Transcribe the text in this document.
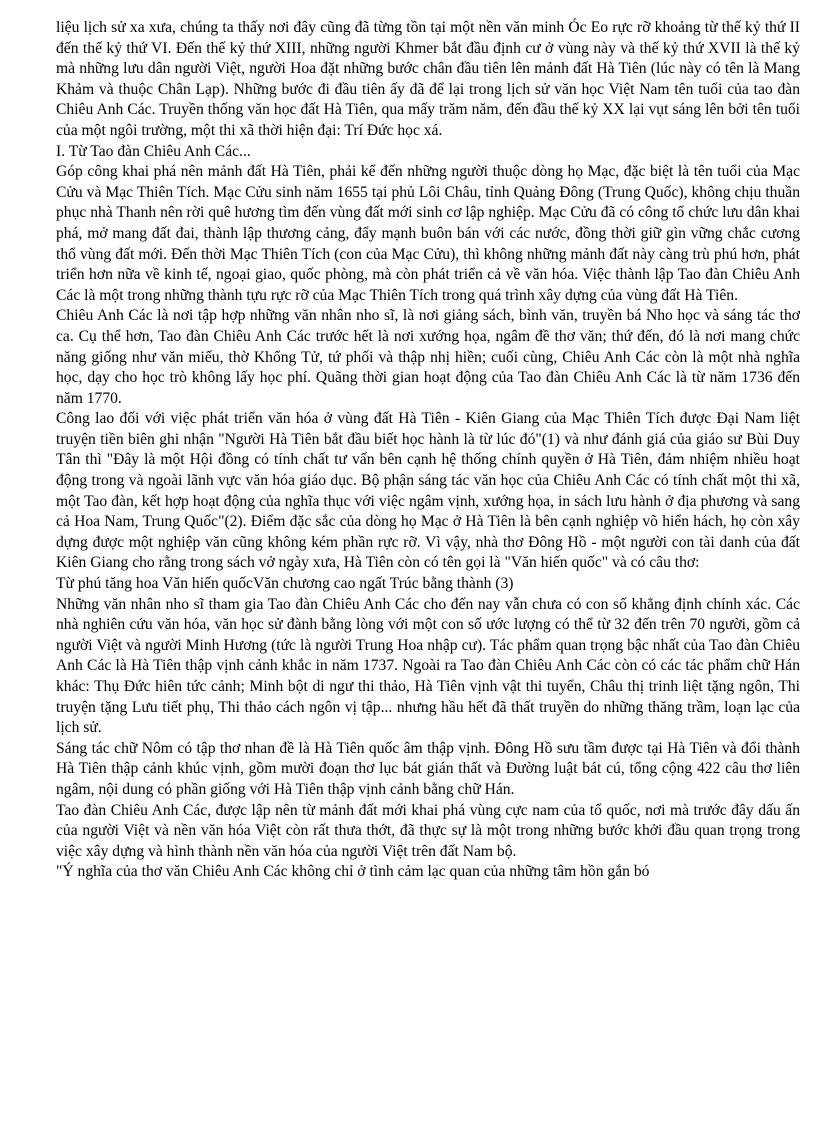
liệu lịch sử xa xưa, chúng ta thấy nơi đây cũng đã từng tồn tại một nền văn minh Óc Eo rực rỡ khoảng từ thế kỷ thứ II đến thế kỷ thứ VI. Đến thế kỷ thứ XIII, những người Khmer bắt đầu định cư ở vùng này và thế kỷ thứ XVII là thế kỷ mà những lưu dân người Việt, người Hoa đặt những bước chân đầu tiên lên mảnh đất Hà Tiên (lúc này có tên là Mang Khảm và thuộc Chân Lạp). Những bước đi đầu tiên ấy đã để lại trong lịch sử văn học Việt Nam tên tuổi của tao đàn Chiêu Anh Các. Truyền thống văn học đất Hà Tiên, qua mấy trăm năm, đến đầu thế kỷ XX lại vụt sáng lên bởi tên tuổi của một ngôi trường, một thi xã thời hiện đại: Trí Đức học xá.

I. Từ Tao đàn Chiêu Anh Các...

Góp công khai phá nên mảnh đất Hà Tiên, phải kể đến những người thuộc dòng họ Mạc, đặc biệt là tên tuổi của Mạc Cửu và Mạc Thiên Tích. Mạc Cửu sinh năm 1655 tại phủ Lôi Châu, tỉnh Quảng Đông (Trung Quốc), không chịu thuần phục nhà Thanh nên rời quê hương tìm đến vùng đất mới sinh cơ lập nghiệp. Mạc Cửu đã có công tổ chức lưu dân khai phá, mở mang đất đai, thành lập thương cảng, đẩy mạnh buôn bán với các nước, đồng thời giữ gìn vững chắc cương thổ vùng đất mới. Đến thời Mạc Thiên Tích (con của Mạc Cửu), thì không những mảnh đất này càng trù phú hơn, phát triển hơn nữa về kinh tế, ngoại giao, quốc phòng, mà còn phát triển cả về văn hóa. Việc thành lập Tao đàn Chiêu Anh Các là một trong những thành tựu rực rỡ của Mạc Thiên Tích trong quá trình xây dựng của vùng đất Hà Tiên.

Chiêu Anh Các là nơi tập hợp những văn nhân nho sĩ, là nơi giảng sách, bình văn, truyền bá Nho học và sáng tác thơ ca. Cụ thể hơn, Tao đàn Chiêu Anh Các trước hết là nơi xướng họa, ngâm đề thơ văn; thứ đến, đó là nơi mang chức năng giống như văn miếu, thờ Khổng Tử, tứ phối và thập nhị hiền; cuối cùng, Chiêu Anh Các còn là một nhà nghĩa học, dạy cho học trò không lấy học phí. Quãng thời gian hoạt động của Tao đàn Chiêu Anh Các là từ năm 1736 đến năm 1770.

Công lao đối với việc phát triển văn hóa ở vùng đất Hà Tiên - Kiên Giang của Mạc Thiên Tích được Đại Nam liệt truyện tiền biên ghi nhận "Người Hà Tiên bắt đầu biết học hành là từ lúc đó"(1) và như đánh giá của giáo sư Bùi Duy Tân thì "Đây là một Hội đồng có tính chất tư vấn bên cạnh hệ thống chính quyền ở Hà Tiên, đảm nhiệm nhiều hoạt động trong và ngoài lãnh vực văn hóa giáo dục. Bộ phận sáng tác văn học của Chiêu Anh Các có tính chất một thi xã, một Tao đàn, kết hợp hoạt động của nghĩa thục với việc ngâm vịnh, xướng họa, in sách lưu hành ở địa phương và sang cả Hoa Nam, Trung Quốc"(2). Điểm đặc sắc của dòng họ Mạc ở Hà Tiên là bên cạnh nghiệp võ hiển hách, họ còn xây dựng được một nghiệp văn cũng không kém phần rực rỡ. Vì vậy, nhà thơ Đông Hồ - một người con tài danh của đất Kiên Giang cho rằng trong sách vở ngày xưa, Hà Tiên còn có tên gọi là "Văn hiến quốc" và có câu thơ:

Từ phú tăng hoa Văn hiến quốcVăn chương cao ngất Trúc bằng thành (3)

Những văn nhân nho sĩ tham gia Tao đàn Chiêu Anh Các cho đến nay vẫn chưa có con số khẳng định chính xác. Các nhà nghiên cứu văn hóa, văn học sử đành bằng lòng với một con số ước lượng có thể từ 32 đến trên 70 người, gồm cả người Việt và người Minh Hương (tức là người Trung Hoa nhập cư). Tác phẩm quan trọng bậc nhất của Tao đàn Chiêu Anh Các là Hà Tiên thập vịnh cảnh khắc in năm 1737. Ngoài ra Tao đàn Chiêu Anh Các còn có các tác phẩm chữ Hán khác: Thụ Đức hiên tức cảnh; Minh bột di ngư thi thảo, Hà Tiên vịnh vật thi tuyển, Châu thị trinh liệt tặng ngôn, Thi truyện tặng Lưu tiết phụ, Thi thảo cách ngôn vị tập... nhưng hầu hết đã thất truyền do những thăng trầm, loạn lạc của lịch sử.

Sáng tác chữ Nôm có tập thơ nhan đề là Hà Tiên quốc âm thập vịnh. Đông Hồ sưu tầm được tại Hà Tiên và đổi thành Hà Tiên thập cảnh khúc vịnh, gồm mười đoạn thơ lục bát gián thất và Đường luật bát cú, tổng cộng 422 câu thơ liên ngâm, nội dung có phần giống với Hà Tiên thập vịnh cảnh bằng chữ Hán.

Tao đàn Chiêu Anh Các, được lập nên từ mảnh đất mới khai phá vùng cực nam của tổ quốc, nơi mà trước đây dấu ấn của người Việt và nền văn hóa Việt còn rất thưa thớt, đã thực sự là một trong những bước khởi đầu quan trọng trong việc xây dựng và hình thành nền văn hóa của người Việt trên đất Nam bộ.

"Ý nghĩa của thơ văn Chiêu Anh Các không chỉ ở tình cảm lạc quan của những tâm hồn gắn bó
